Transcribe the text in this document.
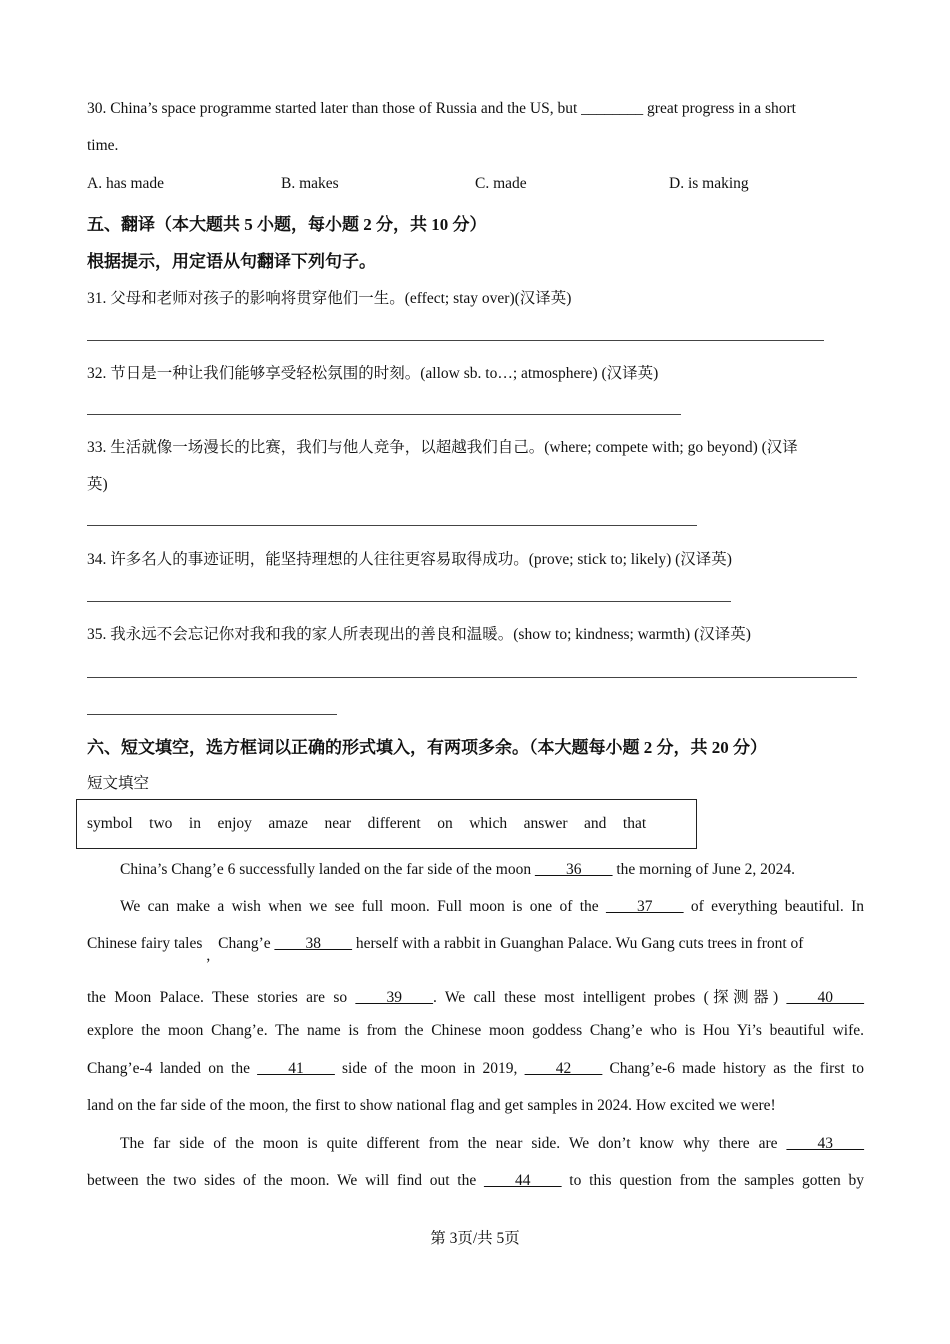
30. China’s space programme started later than those of Russia and the US, but ________ great progress in a short
time.
A. has made	B. makes	C. made	D. is making
五、翻译（本大题共 5 小题，每小题 2 分，共 10 分）
根据提示，用定语从句翻译下列句子。
31. 父母和老师对孩子的影响将贯穿他们一生。(effect; stay over)(汉译英)
32. 节日是一种让我们能够享受轻松氛围的时刻。(allow sb. to…; atmosphere) (汉译英)
33. 生活就像一场漫长的比赛，我们与他人竞争，以超越我们自己。(where; compete with; go beyond) (汉译
英)
34. 许多名人的事迹证明，能坚持理想的人往往更容易取得成功。(prove; stick to; likely) (汉译英)
35. 我永远不会忘记你对我和我的家人所表现出的善良和温暖。(show to; kindness; warmth) (汉译英)
六、短文填空，选方框词以正确的形式填入，有两项多余。（本大题每小题 2 分，共 20 分）
短文填空
symbol two in enjoy amaze near different on which answer and that
China’s Chang’e 6 successfully landed on the far side of the moon ____36____ the morning of June 2, 2024.
We can make a wish when we see full moon. Full moon is one of the ____37____ of everything beautiful. In
Chinese fairy tales, Chang’e ____38____ herself with a rabbit in Guanghan Palace. Wu Gang cuts trees in front of
the Moon Palace. These stories are so ____39____. We call these most intelligent probes (探测器) ____40____
explore the moon Chang’e. The name is from the Chinese moon goddess Chang’e who is Hou Yi’s beautiful wife.
Chang’e-4 landed on the ____41____ side of the moon in 2019, ____42____ Chang’e-6 made history as the first to
land on the far side of the moon, the first to show national flag and get samples in 2024. How excited we were!
The far side of the moon is quite different from the near side. We don’t know why there are ____43____
between the two sides of the moon. We will find out the ____44____ to this question from the samples gotten by
第 3页/共 5页
